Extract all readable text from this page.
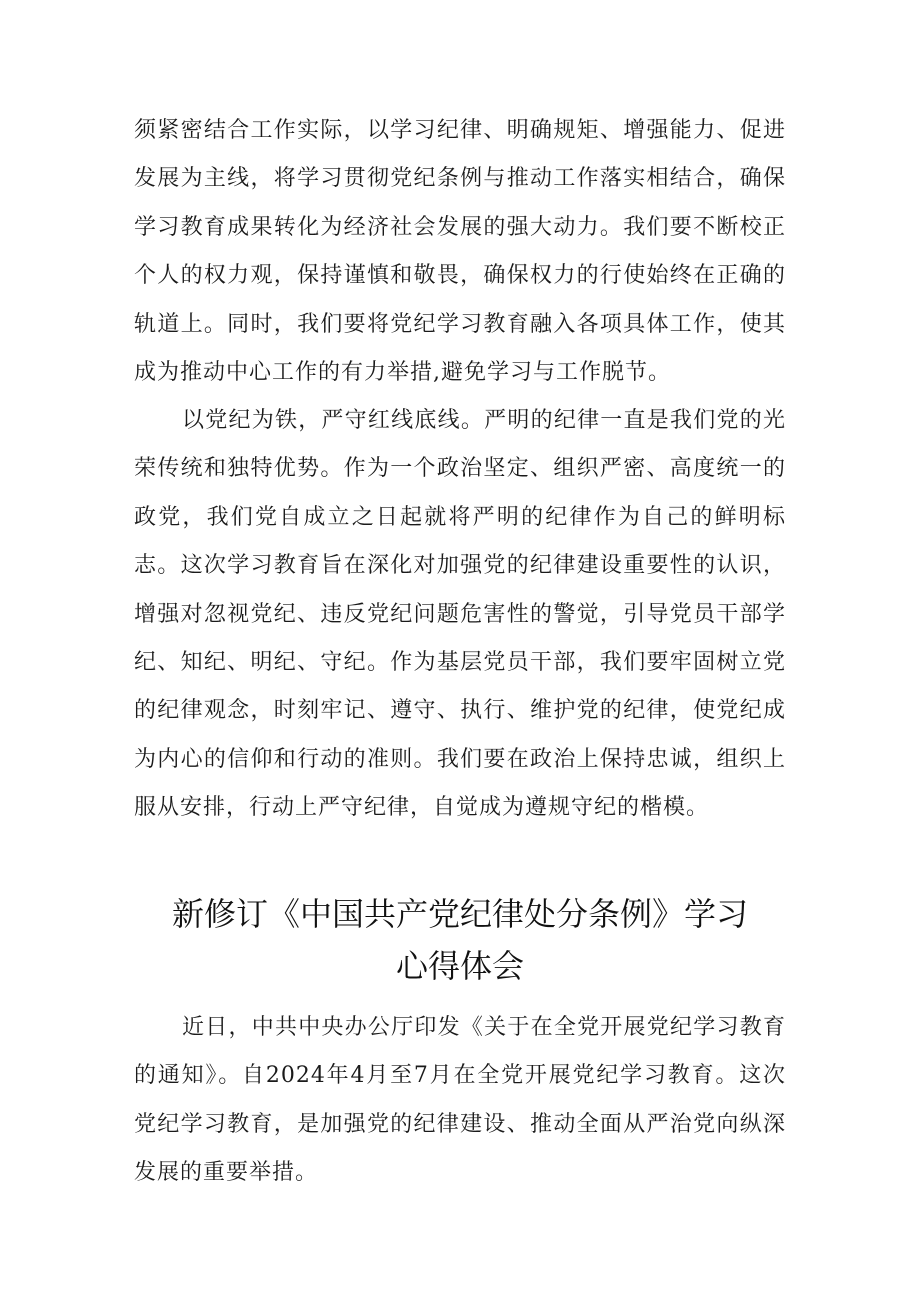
须紧密结合工作实际，以学习纪律、明确规矩、增强能力、促进发展为主线，将学习贯彻党纪条例与推动工作落实相结合，确保学习教育成果转化为经济社会发展的强大动力。我们要不断校正个人的权力观，保持谨慎和敬畏，确保权力的行使始终在正确的轨道上。同时，我们要将党纪学习教育融入各项具体工作，使其成为推动中心工作的有力举措,避免学习与工作脱节。

以党纪为铁，严守红线底线。严明的纪律一直是我们党的光荣传统和独特优势。作为一个政治坚定、组织严密、高度统一的政党，我们党自成立之日起就将严明的纪律作为自己的鲜明标志。这次学习教育旨在深化对加强党的纪律建设重要性的认识，增强对忽视党纪、违反党纪问题危害性的警觉，引导党员干部学纪、知纪、明纪、守纪。作为基层党员干部，我们要牢固树立党的纪律观念，时刻牢记、遵守、执行、维护党的纪律，使党纪成为内心的信仰和行动的准则。我们要在政治上保持忠诚，组织上服从安排，行动上严守纪律，自觉成为遵规守纪的楷模。

新修订《中国共产党纪律处分条例》学习
心得体会

近日，中共中央办公厅印发《关于在全党开展党纪学习教育的通知》。自2024年4月至7月在全党开展党纪学习教育。这次党纪学习教育，是加强党的纪律建设、推动全面从严治党向纵深发展的重要举措。
